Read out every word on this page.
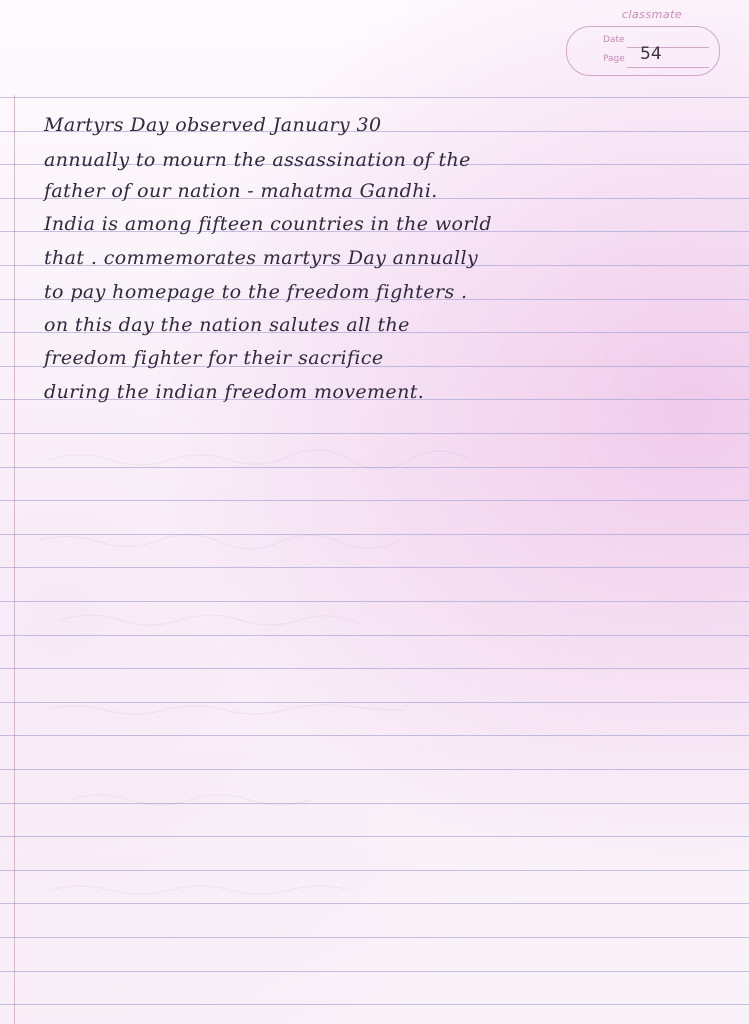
classmate
Date
Page 54
Martyrs Day observed January 30
annually to mourn the assassination of the
father of our nation - mahatma Gandhi.
India is among fifteen countries in the world
that . commemorates martyrs Day annually
to pay homepage to the freedom fighters .
on this day the nation salutes all the
freedom fighter for their sacrifice
during the indian freedom movement.
